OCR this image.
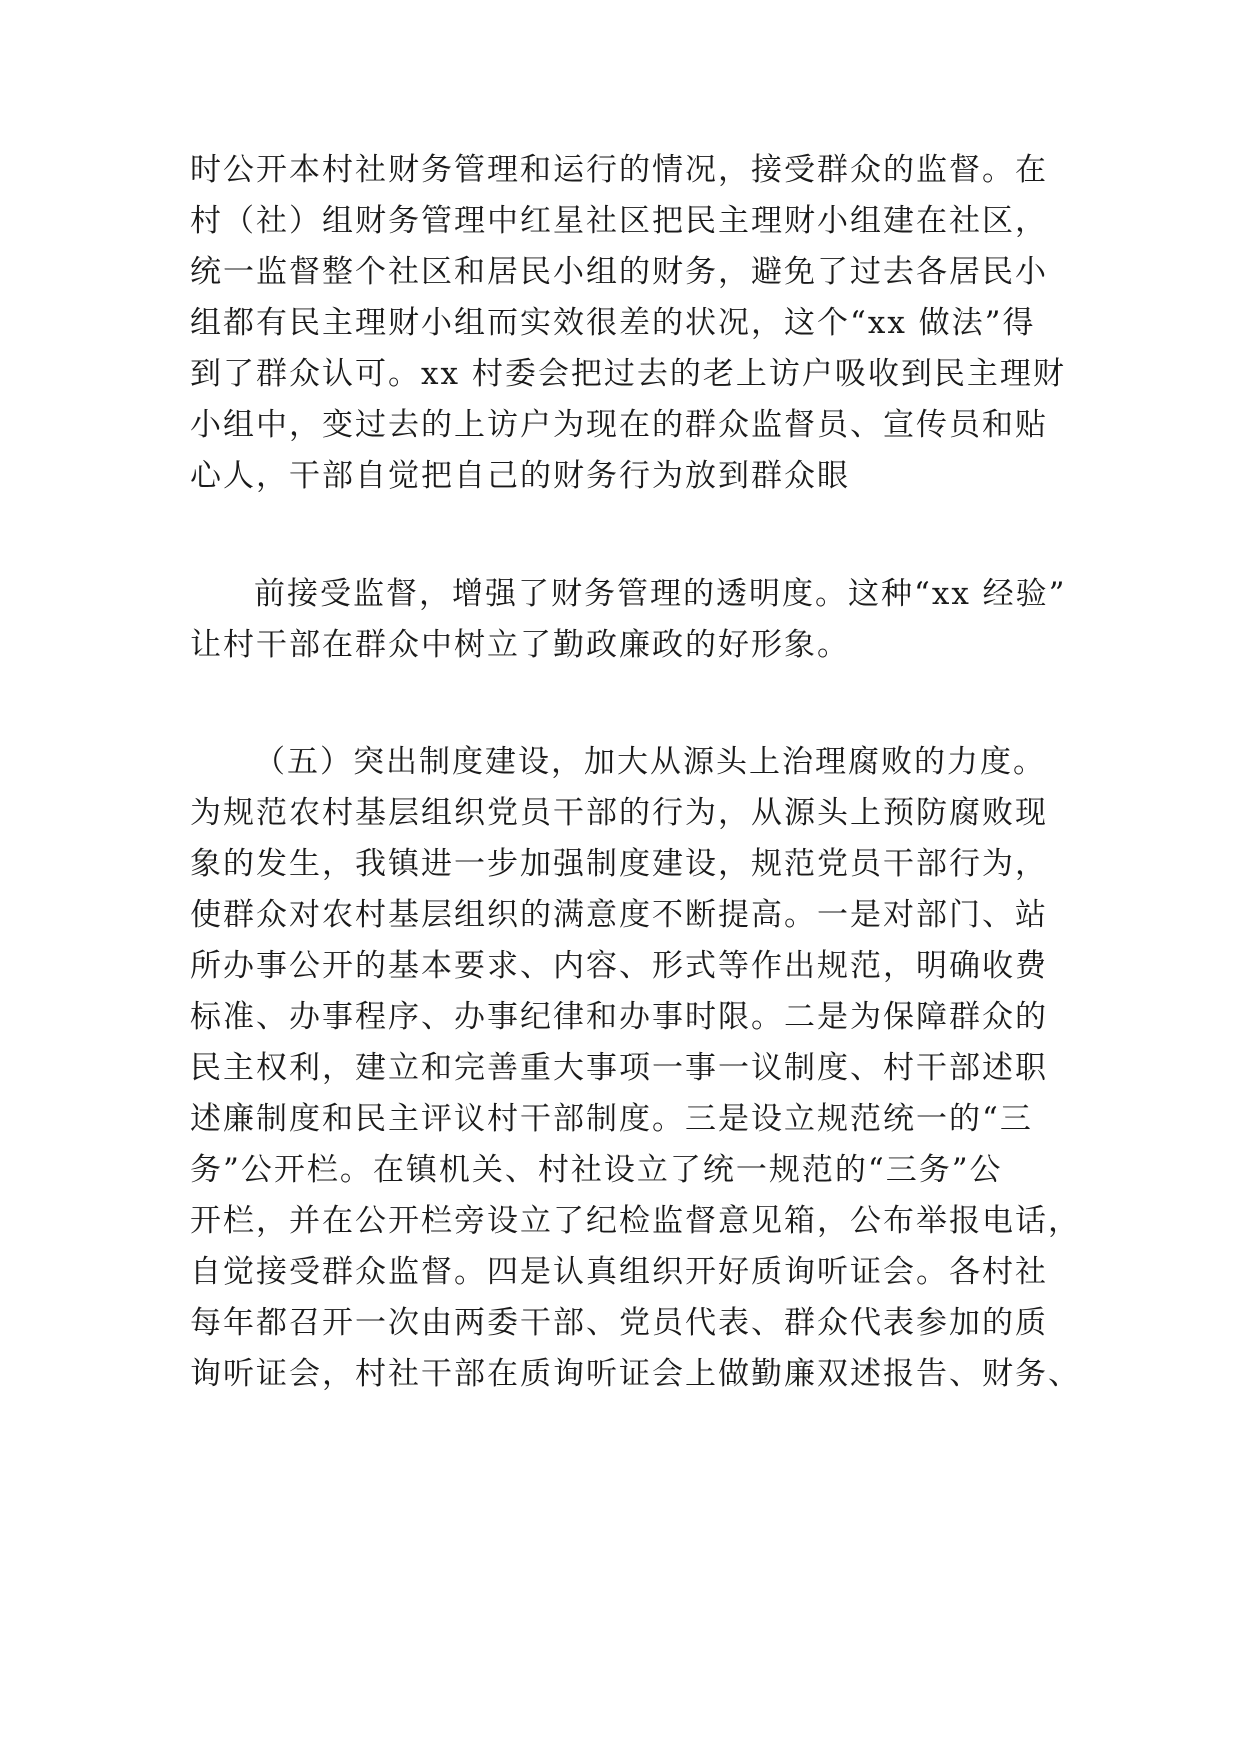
时公开本村社财务管理和运行的情况，接受群众的监督。在
村（社）组财务管理中红星社区把民主理财小组建在社区，
统一监督整个社区和居民小组的财务，避免了过去各居民小
组都有民主理财小组而实效很差的状况，这个“xx 做法”得
到了群众认可。xx 村委会把过去的老上访户吸收到民主理财
小组中，变过去的上访户为现在的群众监督员、宣传员和贴
心人，干部自觉把自己的财务行为放到群众眼
前接受监督，增强了财务管理的透明度。这种“xx 经验”
让村干部在群众中树立了勤政廉政的好形象。
（五）突出制度建设，加大从源头上治理腐败的力度。
为规范农村基层组织党员干部的行为，从源头上预防腐败现
象的发生，我镇进一步加强制度建设，规范党员干部行为，
使群众对农村基层组织的满意度不断提高。一是对部门、站
所办事公开的基本要求、内容、形式等作出规范，明确收费
标准、办事程序、办事纪律和办事时限。二是为保障群众的
民主权利，建立和完善重大事项一事一议制度、村干部述职
述廉制度和民主评议村干部制度。三是设立规范统一的“三
务”公开栏。在镇机关、村社设立了统一规范的“三务”公
开栏，并在公开栏旁设立了纪检监督意见箱，公布举报电话，
自觉接受群众监督。四是认真组织开好质询听证会。各村社
每年都召开一次由两委干部、党员代表、群众代表参加的质
询听证会，村社干部在质询听证会上做勤廉双述报告、财务、
